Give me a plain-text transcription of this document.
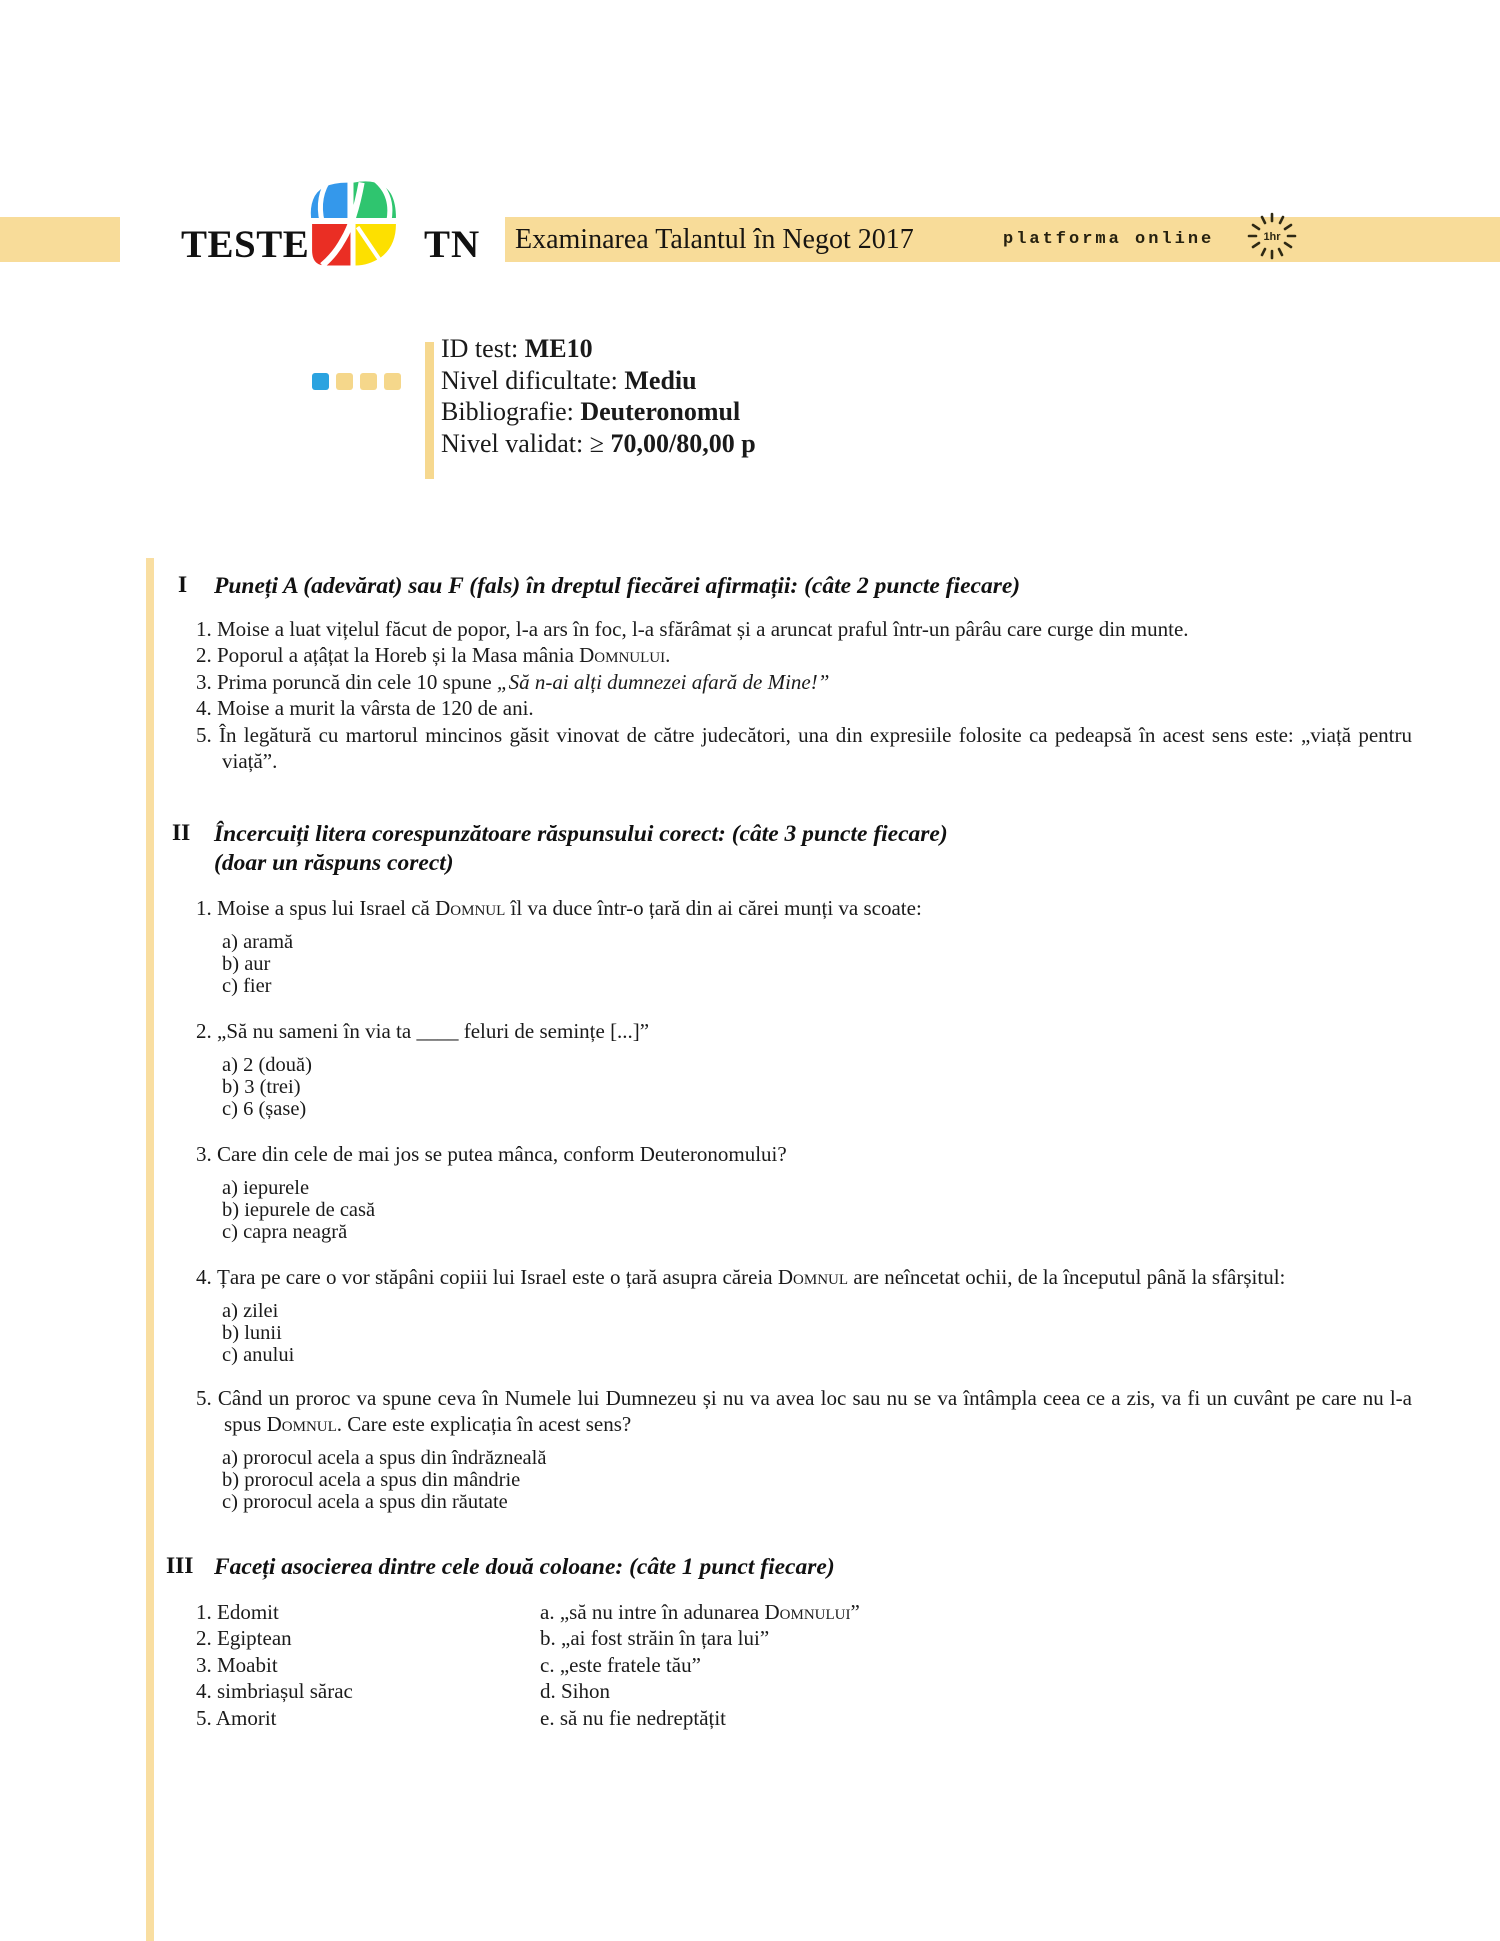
TESTE	TN Examinarea Talantul în Negot 2017	platforma online	1hr
ID test: ME10
Nivel dificultate: Mediu
Bibliografie: Deuteronomul
Nivel validat: ≥ 70,00/80,00 p
I Puneți A (adevărat) sau F (fals) în dreptul fiecărei afirmații: (câte 2 puncte fiecare)
1. Moise a luat vițelul făcut de popor, l-a ars în foc, l-a sfărâmat și a aruncat praful într-un pârâu care curge din munte.
2. Poporul a ațâțat la Horeb și la Masa mânia Domnului.
3. Prima poruncă din cele 10 spune „Să n-ai alți dumnezei afară de Mine!”
4. Moise a murit la vârsta de 120 de ani.
5. În legătură cu martorul mincinos găsit vinovat de către judecători, una din expresiile folosite ca pedeapsă în acest sens este: „viață pentru viață”.
II Încercuiți litera corespunzătoare răspunsului corect: (câte 3 puncte fiecare)
(doar un răspuns corect)
1. Moise a spus lui Israel că Domnul îl va duce într-o țară din ai cărei munți va scoate:
a) aramă
b) aur
c) fier
2. „Să nu sameni în via ta ____ feluri de semințe [...]”
a) 2 (două)
b) 3 (trei)
c) 6 (șase)
3. Care din cele de mai jos se putea mânca, conform Deuteronomului?
a) iepurele
b) iepurele de casă
c) capra neagră
4. Țara pe care o vor stăpâni copiii lui Israel este o țară asupra căreia Domnul are neîncetat ochii, de la începutul până la sfârșitul:
a) zilei
b) lunii
c) anului
5. Când un proroc va spune ceva în Numele lui Dumnezeu și nu va avea loc sau nu se va întâmpla ceea ce a zis, va fi un cuvânt pe care nu l-a spus Domnul. Care este explicația în acest sens?
a) prorocul acela a spus din îndrăzneală
b) prorocul acela a spus din mândrie
c) prorocul acela a spus din răutate
III Faceți asocierea dintre cele două coloane: (câte 1 punct fiecare)
1. Edomit	a. „să nu intre în adunarea Domnului”
2. Egiptean	b. „ai fost străin în țara lui”
3. Moabit	c. „este fratele tău”
4. simbriașul sărac	d. Sihon
5. Amorit	e. să nu fie nedreptățit
